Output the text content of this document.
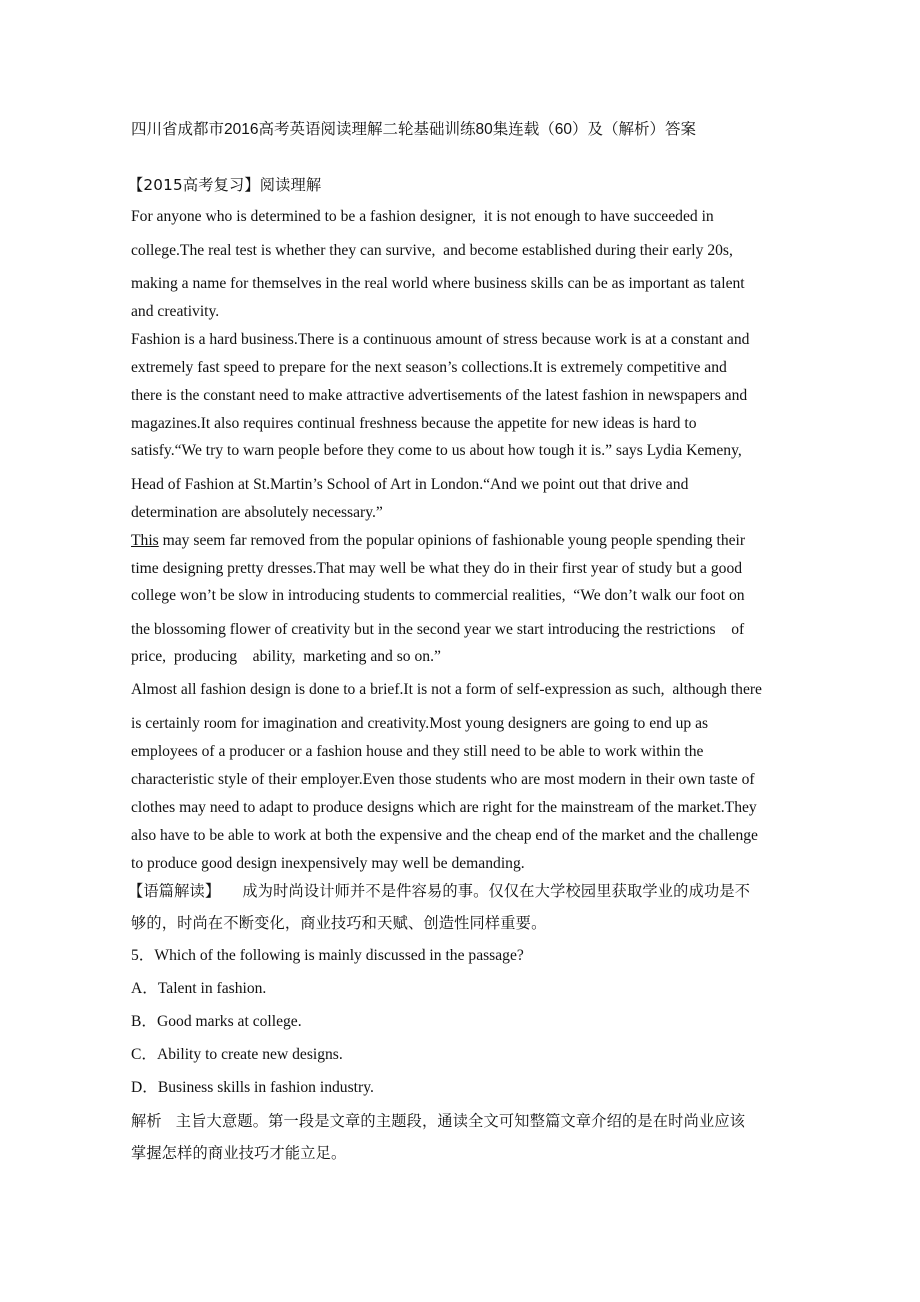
四川省成都市2016高考英语阅读理解二轮基础训练80集连载（60）及（解析）答案
【2015高考复习】阅读理解
For anyone who is determined to be a fashion designer,  it is not enough to have succeeded in
college.The real test is whether they can survive,  and become established during their early 20s,
making a name for themselves in the real world where business skills can be as important as talent
and creativity.
Fashion is a hard business.There is a continuous amount of stress because work is at a constant and
extremely fast speed to prepare for the next season’s collections.It is extremely competitive and
there is the constant need to make attractive advertisements of the latest fashion in newspapers and
magazines.It also requires continual freshness because the appetite for new ideas is hard to
satisfy.“We try to warn people before they come to us about how tough it is.” says Lydia Kemeny,
Head of Fashion at St.Martin’s School of Art in London.“And we point out that drive and
determination are absolutely necessary.”
This may seem far removed from the popular opinions of fashionable young people spending their
time designing pretty dresses.That may well be what they do in their first year of study but a good
college won’t be slow in introducing students to commercial realities,  “We don’t walk our foot on
the blossoming flower of creativity but in the second year we start introducing the restrictions    of
price,  producing    ability,  marketing and so on.”
Almost all fashion design is done to a brief.It is not a form of self-expression as such,  although there
is certainly room for imagination and creativity.Most young designers are going to end up as
employees of a producer or a fashion house and they still need to be able to work within the
characteristic style of their employer.Even those students who are most modern in their own taste of
clothes may need to adapt to produce designs which are right for the mainstream of the market.They
also have to be able to work at both the expensive and the cheap end of the market and the challenge
to produce good design inexpensively may well be demanding.
【语篇解读】 成为时尚设计师并不是件容易的事。仅仅在大学校园里获取学业的成功是不
够的，时尚在不断变化，商业技巧和天赋、创造性同样重要。
5．Which of the following is mainly discussed in the passage?
A．Talent in fashion.
B．Good marks at college.
C．Ability to create new designs.
D．Business skills in fashion industry.
解析 主旨大意题。第一段是文章的主题段，通读全文可知整篇文章介绍的是在时尚业应该
掌握怎样的商业技巧才能立足。
